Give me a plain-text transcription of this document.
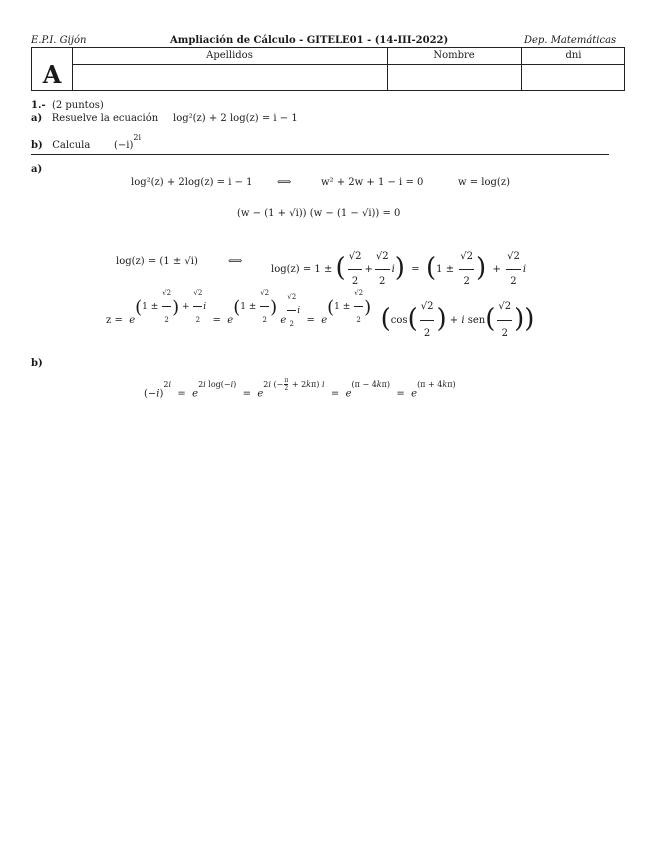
E.P.I. Gijón	Ampliación de Cálculo - GITELE01 - (14-III-2022)	Dep. Matemáticas
A
Apellidos	Nombre	dni
1.- (2 puntos)
a) Resuelve la ecuación log²(z) + 2 log(z) = i − 1
b) Calcula $(-i)^{2i}$
a)
log²(z) + 2log(z) = i − 1 ⟺	w² + 2w + 1 − i = 0	w = log(z)
(w − (1 + √i)) (w − (1 − √i)) = 0
log(z) = (1 ± √i)	⟺
log(z) = 1 ± ( $\frac{√2}{2} + \frac{√2}{2} i) = (1 \pm \frac{√2}{2}$ )  + $\frac{√2}{2}$ i
$z = e(1 \pm \frac{√2}{2}$ ) + $\frac{√2}{2}$ $i = e(1 \pm \frac{√2}{2}$ ) e $\frac{√2}{2}$ $i = e(1 \pm \frac{√2}{2}$ ) ($\cos( \frac{√2}{2}$ ) + i $sen( \frac{√2}{2}$ ))
b)
$(-i)^{2i} = e^{2i log(-i)} = e^{2i (- \frac{\pi}{2} + 2k\pi) i} = e^{(\pi - 4k\pi)} = e^{(\pi + 4k\pi)}$
